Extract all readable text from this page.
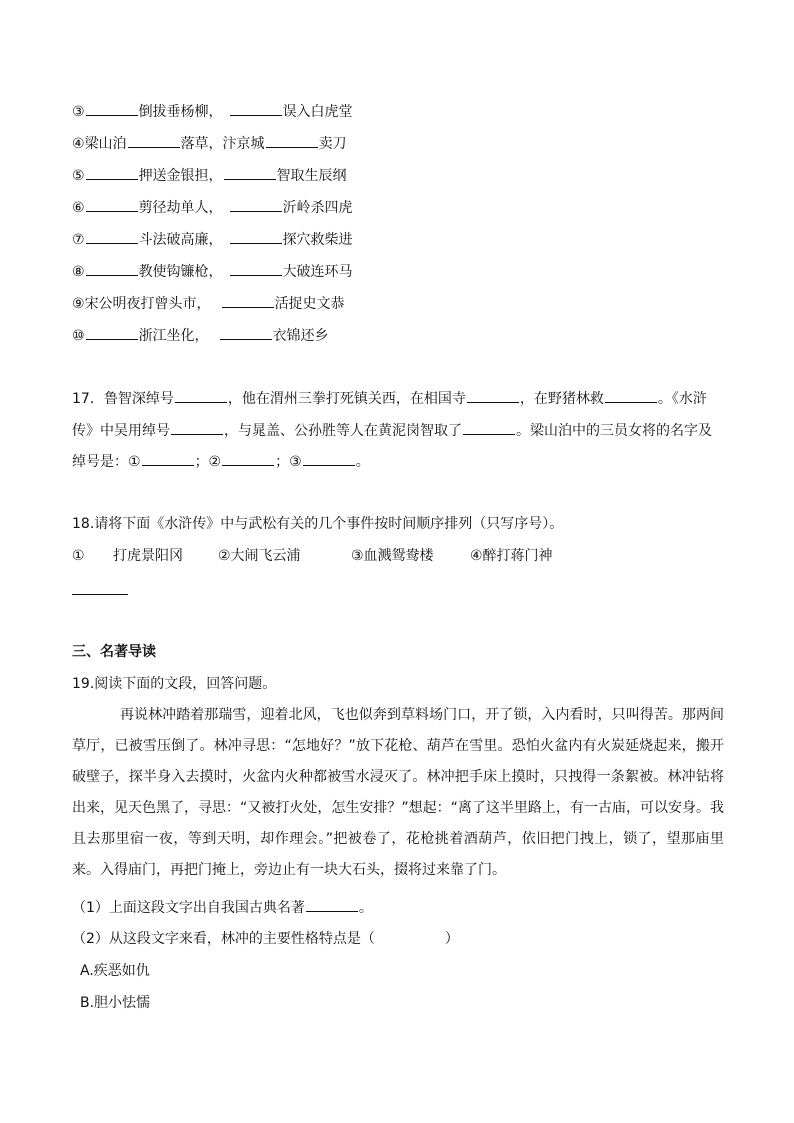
③	倒拔垂杨柳，	误入白虎堂
④梁山泊	落草，汴京城	卖刀
⑤	押送金银担，	智取生辰纲
⑥	剪径劫单人，	沂岭杀四虎
⑦	斗法破高廉，	探穴救柴进
⑧	教使钩镰枪，	大破连环马
⑨宋公明夜打曾头市，	活捉史文恭
⑩	浙江坐化，	衣锦还乡
17．鲁智深绰号	，他在渭州三拳打死镇关西，在相国寺	，在野猪林救	。《水浒
传》中吴用绰号	，与晁盖、公孙胜等人在黄泥岗智取了	。梁山泊中的三员女将的名字及
绰号是：①	；②	；③	。
18.请将下面《水浒传》中与武松有关的几个事件按时间顺序排列（只写序号）。
① 打虎景阳冈	②大闹飞云浦	③血溅鸳鸯楼	④醉打蒋门神
三、名著导读
19.阅读下面的文段，回答问题。
再说林冲踏着那瑞雪，迎着北风，飞也似奔到草料场门口，开了锁，入内看时，只叫得苦。那两间草厅，已被雪压倒了。林冲寻思：“怎地好？”放下花枪、葫芦在雪里。恐怕火盆内有火炭延烧起来，搬开破壁子，探半身入去摸时，火盆内火种都被雪水浸灭了。林冲把手床上摸时，只拽得一条絮被。林冲钻将出来，见天色黑了，寻思：“又被打火处，怎生安排？”想起：“离了这半里路上，有一古庙，可以安身。我且去那里宿一夜，等到天明，却作理会。”把被卷了，花枪挑着酒葫芦，依旧把门拽上，锁了，望那庙里来。入得庙门，再把门掩上，旁边止有一块大石头，掇将过来靠了门。
（1）上面这段文字出自我国古典名著	。
（2）从这段文字来看，林冲的主要性格特点是（　　　　　）
A.疾恶如仇
B.胆小怯懦
